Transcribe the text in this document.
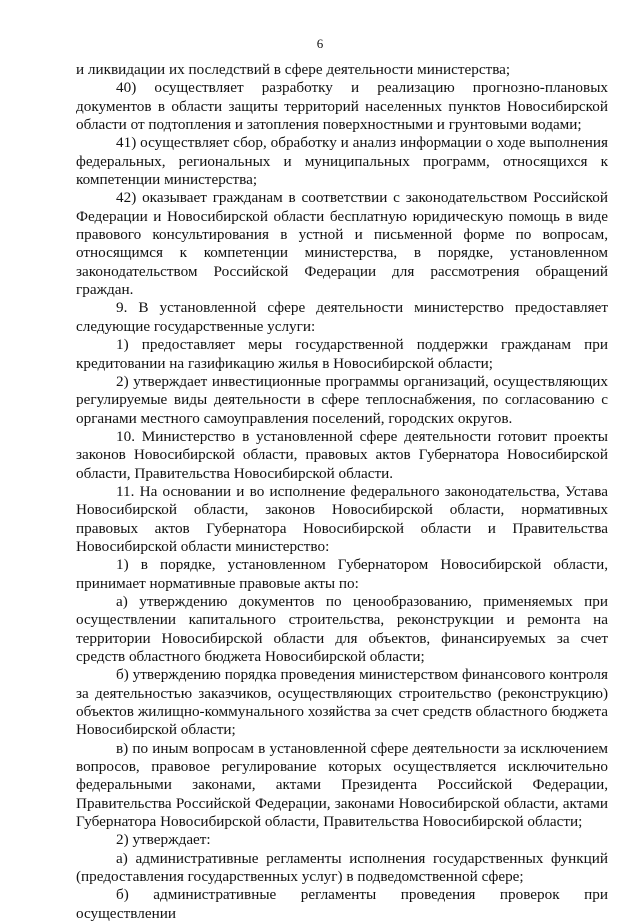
6

и ликвидации их последствий в сфере деятельности министерства;

40) осуществляет разработку и реализацию прогнозно-плановых документов в области защиты территорий населенных пунктов Новосибирской области от подтопления и затопления поверхностными и грунтовыми водами;

41) осуществляет сбор, обработку и анализ информации о ходе выполнения федеральных, региональных и муниципальных программ, относящихся к компетенции министерства;

42) оказывает гражданам в соответствии с законодательством Российской Федерации и Новосибирской области бесплатную юридическую помощь в виде правового консультирования в устной и письменной форме по вопросам, относящимся к компетенции министерства, в порядке, установленном законодательством Российской Федерации для рассмотрения обращений граждан.

9. В установленной сфере деятельности министерство предоставляет следующие государственные услуги:

1) предоставляет меры государственной поддержки гражданам при кредитовании на газификацию жилья в Новосибирской области;

2) утверждает инвестиционные программы организаций, осуществляющих регулируемые виды деятельности в сфере теплоснабжения, по согласованию с органами местного самоуправления поселений, городских округов.

10. Министерство в установленной сфере деятельности готовит проекты законов Новосибирской области, правовых актов Губернатора Новосибирской области, Правительства Новосибирской области.

11. На основании и во исполнение федерального законодательства, Устава Новосибирской области, законов Новосибирской области, нормативных правовых актов Губернатора Новосибирской области и Правительства Новосибирской области министерство:

1) в порядке, установленном Губернатором Новосибирской области, принимает нормативные правовые акты по:

а) утверждению документов по ценообразованию, применяемых при осуществлении капитального строительства, реконструкции и ремонта на территории Новосибирской области для объектов, финансируемых за счет средств областного бюджета Новосибирской области;

б) утверждению порядка проведения министерством финансового контроля за деятельностью заказчиков, осуществляющих строительство (реконструкцию) объектов жилищно-коммунального хозяйства за счет средств областного бюджета Новосибирской области;

в) по иным вопросам в установленной сфере деятельности за исключением вопросов, правовое регулирование которых осуществляется исключительно федеральными законами, актами Президента Российской Федерации, Правительства Российской Федерации, законами Новосибирской области, актами Губернатора Новосибирской области, Правительства Новосибирской области;

2) утверждает:

а) административные регламенты исполнения государственных функций (предоставления государственных услуг) в подведомственной сфере;

б) административные регламенты проведения проверок при осуществлении
